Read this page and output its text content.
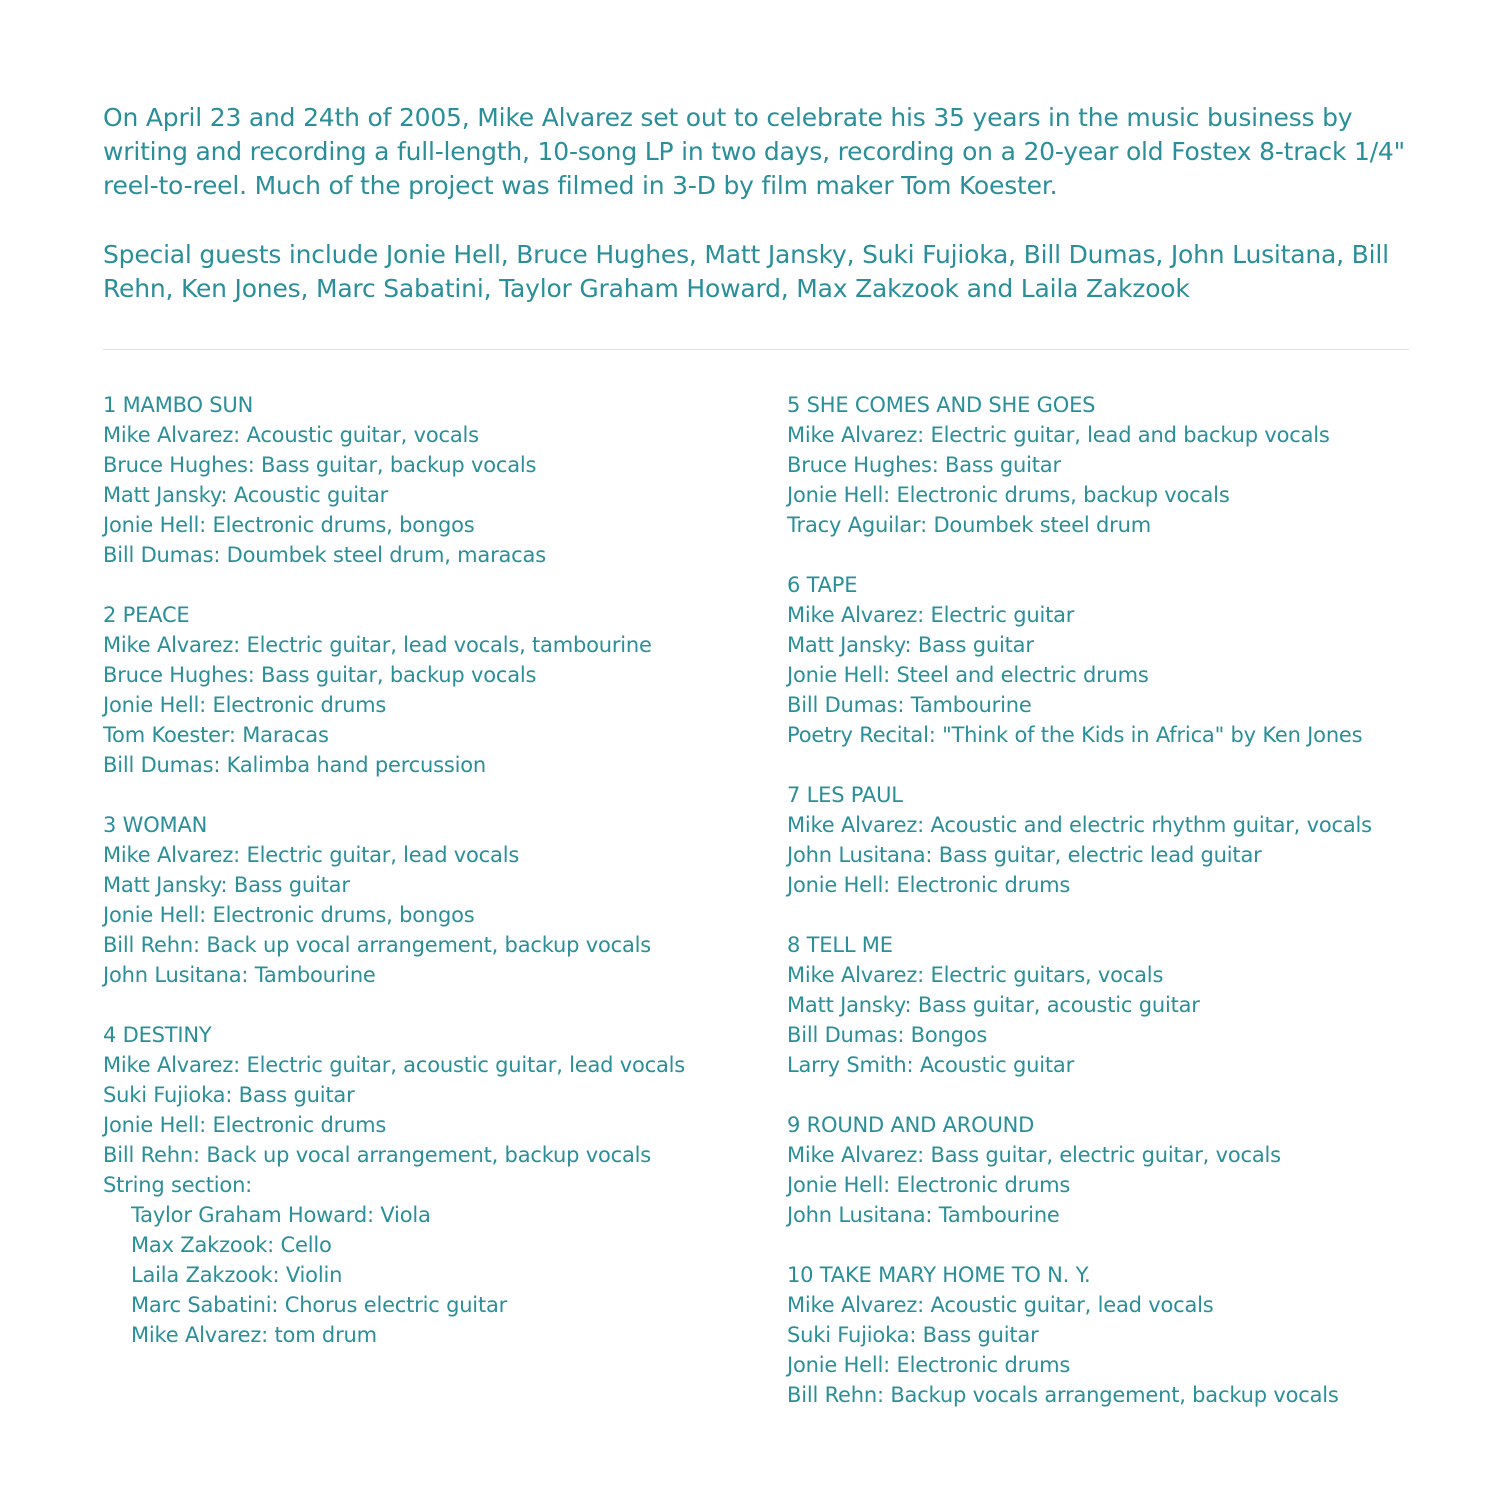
On April 23 and 24th of 2005, Mike Alvarez set out to celebrate his 35 years in the music business by writing and recording a full-length, 10-song LP in two days, recording on a 20-year old Fostex 8-track 1/4" reel-to-reel. Much of the project was filmed in 3-D by film maker Tom Koester.

Special guests include Jonie Hell, Bruce Hughes, Matt Jansky, Suki Fujioka, Bill Dumas, John Lusitana, Bill Rehn, Ken Jones, Marc Sabatini, Taylor Graham Howard, Max Zakzook and Laila Zakzook

1 MAMBO SUN

Mike Alvarez: Acoustic guitar, vocals

Bruce Hughes: Bass guitar, backup vocals

Matt Jansky: Acoustic guitar

Jonie Hell: Electronic drums, bongos

Bill Dumas: Doumbek steel drum, maracas

2 PEACE

Mike Alvarez: Electric guitar, lead vocals, tambourine

Bruce Hughes: Bass guitar, backup vocals

Jonie Hell: Electronic drums

Tom Koester: Maracas

Bill Dumas: Kalimba hand percussion

3 WOMAN

Mike Alvarez: Electric guitar, lead vocals

Matt Jansky: Bass guitar

Jonie Hell: Electronic drums, bongos

Bill Rehn: Back up vocal arrangement, backup vocals

John Lusitana: Tambourine

4 DESTINY

Mike Alvarez: Electric guitar, acoustic guitar, lead vocals

Suki Fujioka: Bass guitar

Jonie Hell: Electronic drums

Bill Rehn: Back up vocal arrangement, backup vocals

String section:

Taylor Graham Howard: Viola

Max Zakzook: Cello

Laila Zakzook: Violin

Marc Sabatini: Chorus electric guitar

Mike Alvarez: tom drum

5 SHE COMES AND SHE GOES

Mike Alvarez: Electric guitar, lead and backup vocals

Bruce Hughes: Bass guitar

Jonie Hell: Electronic drums, backup vocals

Tracy Aguilar: Doumbek steel drum

6 TAPE

Mike Alvarez: Electric guitar

Matt Jansky: Bass guitar

Jonie Hell: Steel and electric drums

Bill Dumas: Tambourine

Poetry Recital: "Think of the Kids in Africa" by Ken Jones

7 LES PAUL

Mike Alvarez: Acoustic and electric rhythm guitar, vocals

John Lusitana: Bass guitar, electric lead guitar

Jonie Hell: Electronic drums

8 TELL ME

Mike Alvarez: Electric guitars, vocals

Matt Jansky: Bass guitar, acoustic guitar

Bill Dumas: Bongos

Larry Smith: Acoustic guitar

9 ROUND AND AROUND

Mike Alvarez: Bass guitar, electric guitar, vocals

Jonie Hell: Electronic drums

John Lusitana: Tambourine

10 TAKE MARY HOME TO N. Y.

Mike Alvarez: Acoustic guitar, lead vocals

Suki Fujioka: Bass guitar

Jonie Hell: Electronic drums

Bill Rehn: Backup vocals arrangement, backup vocals
